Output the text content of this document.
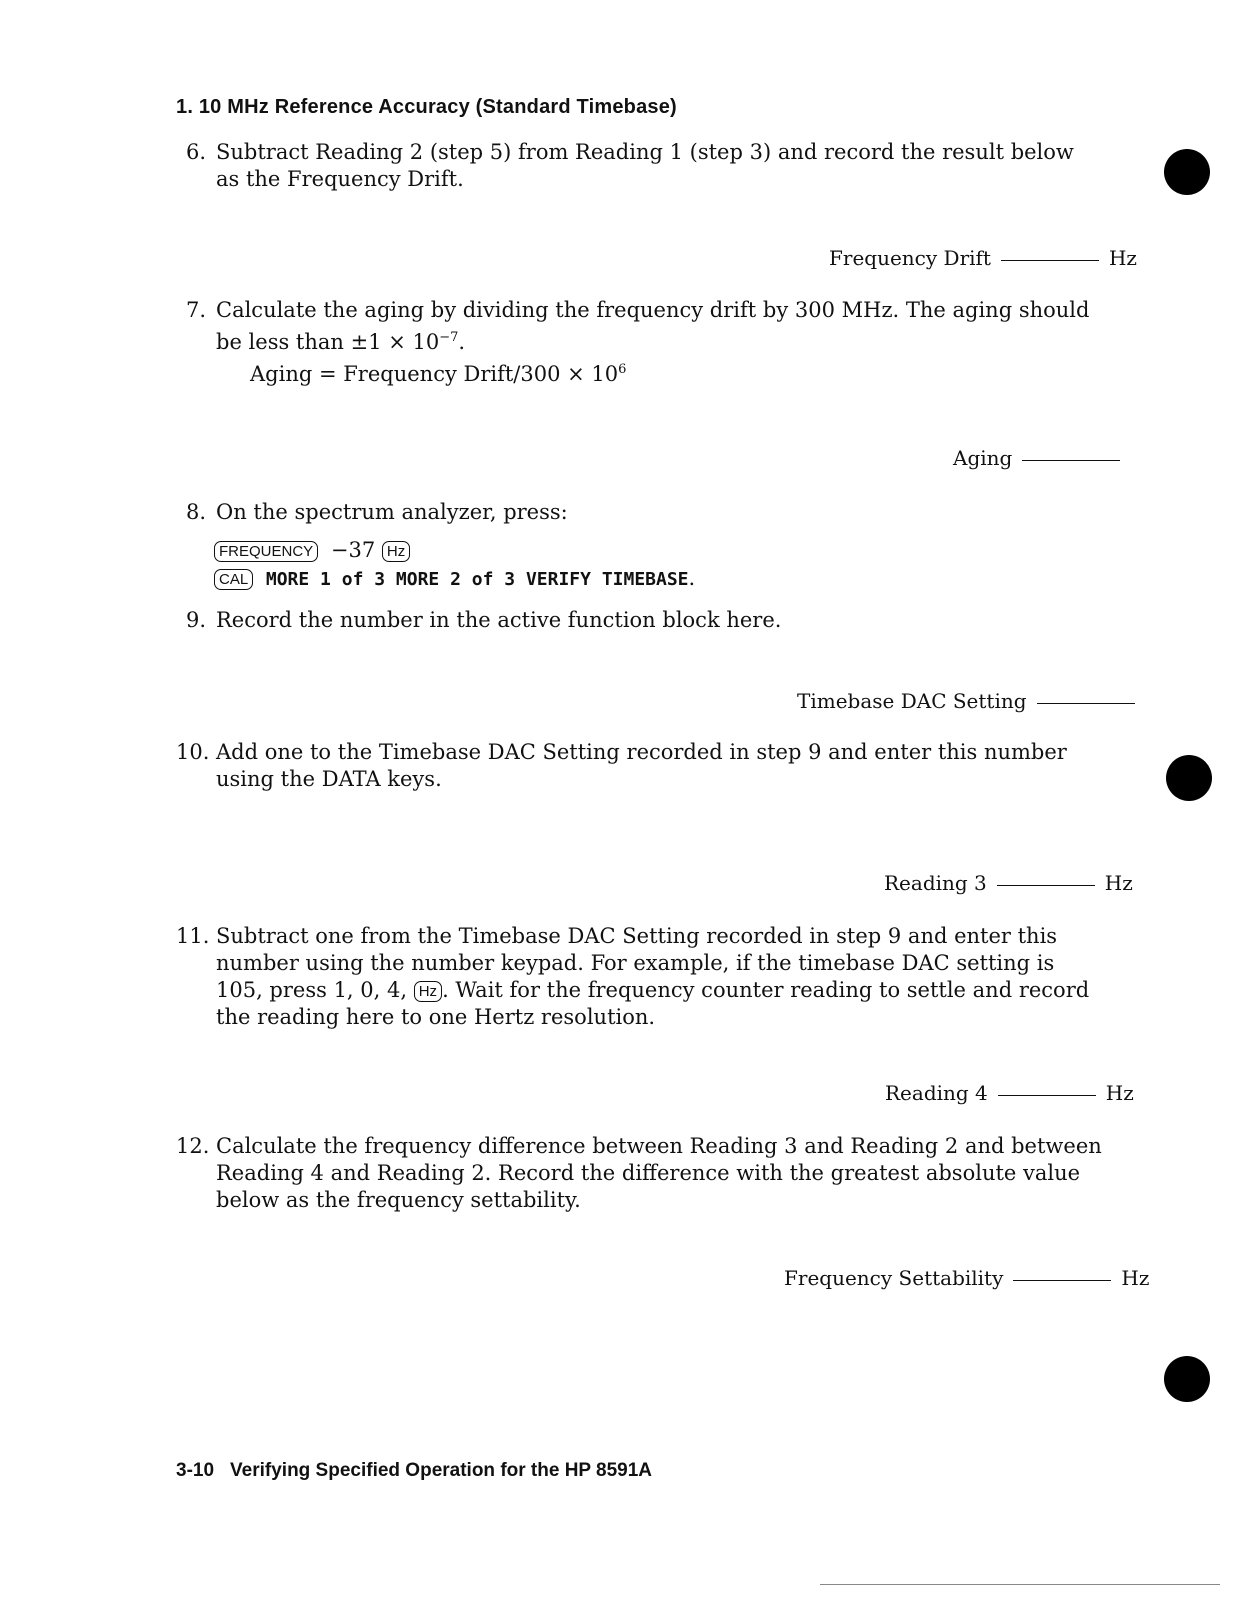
1. 10 MHz Reference Accuracy (Standard Timebase)
6. Subtract Reading 2 (step 5) from Reading 1 (step 3) and record the result below as the Frequency Drift.
Frequency Drift	Hz
7. Calculate the aging by dividing the frequency drift by 300 MHz. The aging should be less than $\pm 1 \times 10^{-7}$.
Aging = Frequency Drift/300 × $10^6$
Aging
8. On the spectrum analyzer, press:
FREQUENCY −37 Hz
CAL MORE 1 of 3 MORE 2 of 3 VERIFY TIMEBASE.
9. Record the number in the active function block here.
Timebase DAC Setting
10. Add one to the Timebase DAC Setting recorded in step 9 and enter this number using the DATA keys.
Reading 3	Hz
11. Subtract one from the Timebase DAC Setting recorded in step 9 and enter this number using the number keypad. For example, if the timebase DAC setting is 105, press 1, 0, 4, Hz . Wait for the frequency counter reading to settle and record the reading here to one Hertz resolution.
Reading 4	Hz
12. Calculate the frequency difference between Reading 3 and Reading 2 and between Reading 4 and Reading 2. Record the difference with the greatest absolute value below as the frequency settability.
Frequency Settability	Hz
3-10 Verifying Specified Operation for the HP 8591A
